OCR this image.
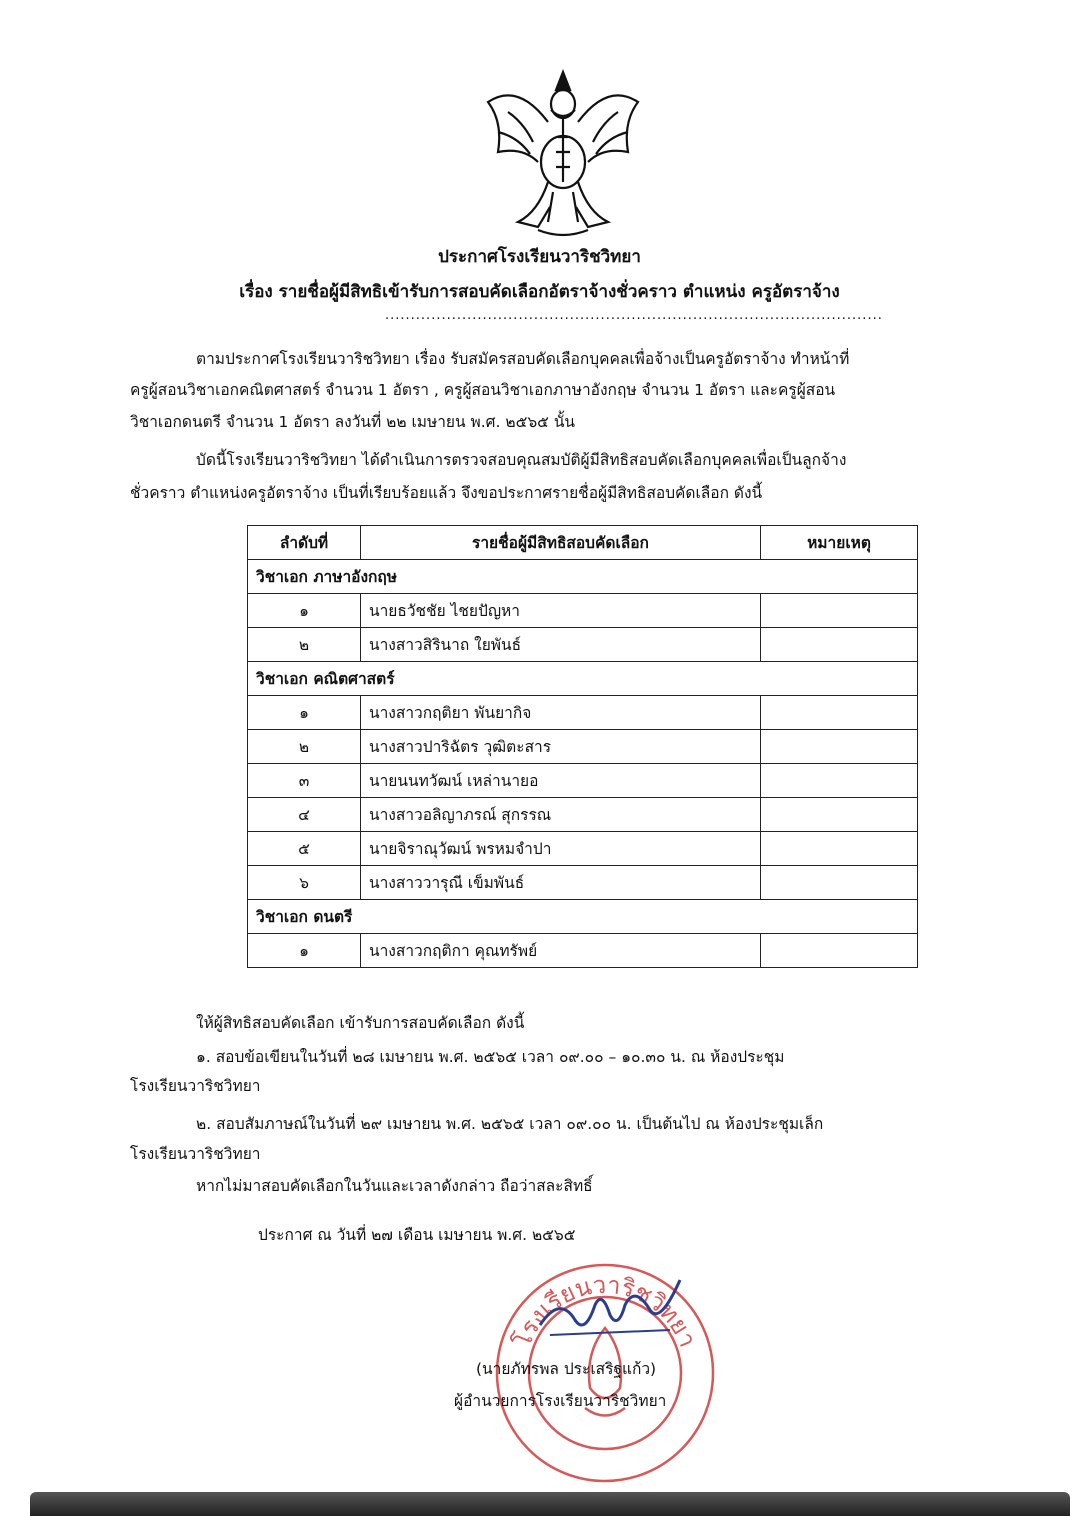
ประกาศโรงเรียนวาริชวิทยา
เรื่อง รายชื่อผู้มีสิทธิเข้ารับการสอบคัดเลือกอัตราจ้างชั่วคราว ตำแหน่ง ครูอัตราจ้าง
.................................................................................................
ตามประกาศโรงเรียนวาริชวิทยา เรื่อง รับสมัครสอบคัดเลือกบุคคลเพื่อจ้างเป็นครูอัตราจ้าง ทำหน้าที่
ครูผู้สอนวิชาเอกคณิตศาสตร์ จำนวน 1 อัตรา , ครูผู้สอนวิชาเอกภาษาอังกฤษ จำนวน 1 อัตรา และครูผู้สอน
วิชาเอกดนตรี จำนวน 1 อัตรา ลงวันที่ ๒๒ เมษายน พ.ศ. ๒๕๖๕ นั้น
บัดนี้โรงเรียนวาริชวิทยา ได้ดำเนินการตรวจสอบคุณสมบัติผู้มีสิทธิสอบคัดเลือกบุคคลเพื่อเป็นลูกจ้าง
ชั่วคราว ตำแหน่งครูอัตราจ้าง เป็นที่เรียบร้อยแล้ว จึงขอประกาศรายชื่อผู้มีสิทธิสอบคัดเลือก ดังนี้
ลำดับที่	รายชื่อผู้มีสิทธิสอบคัดเลือก	หมายเหตุ
วิชาเอก ภาษาอังกฤษ		
๑	นายธวัชชัย ไชยปัญหา	
๒	นางสาวสิรินาถ ใยพันธ์	
วิชาเอก คณิตศาสตร์		
๑	นางสาวกฤติยา พันยากิจ	
๒	นางสาวปาริฉัตร วุฒิตะสาร	
๓	นายนนทวัฒน์ เหล่านายอ	
๔	นางสาวอลิญาภรณ์ สุกรรณ	
๕	นายจิราณุวัฒน์ พรหมจำปา	
๖	นางสาววารุณี เข็มพันธ์	
วิชาเอก ดนตรี		
๑	นางสาวกฤติกา คุณทรัพย์	
ให้ผู้สิทธิสอบคัดเลือก เข้ารับการสอบคัดเลือก ดังนี้
๑. สอบข้อเขียนในวันที่ ๒๘ เมษายน พ.ศ. ๒๕๖๕ เวลา ๐๙.๐๐ – ๑๐.๓๐ น. ณ ห้องประชุม
โรงเรียนวาริชวิทยา
๒. สอบสัมภาษณ์ในวันที่ ๒๙ เมษายน พ.ศ. ๒๕๖๕ เวลา ๐๙.๐๐ น. เป็นต้นไป ณ ห้องประชุมเล็ก
โรงเรียนวาริชวิทยา
หากไม่มาสอบคัดเลือกในวันและเวลาดังกล่าว ถือว่าสละสิทธิ์
ประกาศ ณ วันที่ ๒๗ เดือน เมษายน พ.ศ. ๒๕๖๕
โรงเรียนวาริชวิทยา
(นายภัทรพล ประเสริฐแก้ว)
ผู้อำนวยการโรงเรียนวาริชวิทยา
